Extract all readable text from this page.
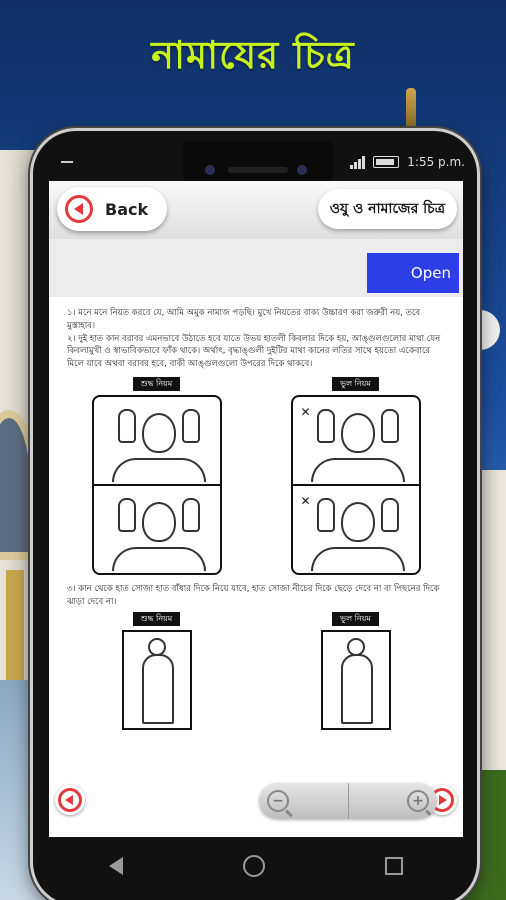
নামাযের চিত্র
1:55 p.m.
Back	ওযু ও নামাজের চিত্র
Open

১। মনে মনে নিয়ত করবে যে, আমি অমুক নামাজ পড়ছি। মুখে নিয়তের বাক্য উচ্চারণ করা জরুরী নয়, তবে মুস্তাহাব।

২। দুই হাত কান বরাবর এমনভাবে উঠাতে হবে যাতে উভয় হাতলী কিবলার দিকে হয়, আঙ্গুলগুলোর মাথা যেন কিবলামুখী ও স্বাভাবিকভাবে ফাঁক থাকে। অর্থাৎ, বৃদ্ধাঙ্গুলী দুইটির মাথা কানের লতির সাথে হয়তো একেবারে মিলে যাবে অথবা বরাবর হবে, বাকী আঙ্গুলগুলো উপরের দিকে থাকবে।

শুদ্ধ নিয়ম	ভুল নিয়ম
✕
✕

৩। কান থেকে হাত সোজা হাত বাঁধার দিকে নিয়ে যাবে, হাত সোজা নীচের দিকে ছেড়ে দেবে না বা পিছনের দিকে ঝাড়া দেবে না।

শুদ্ধ নিয়ম	ভুল নিয়ম
−	+
